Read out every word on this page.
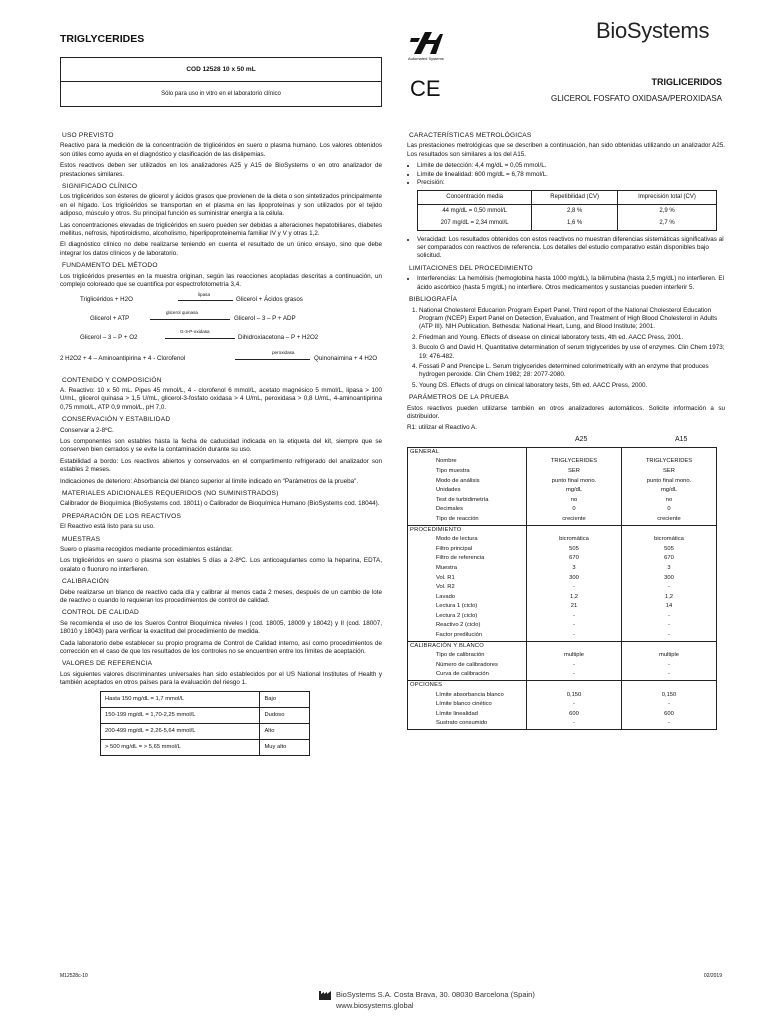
TRIGLYCERIDES
COD 12528 10 x 50 mL
Sólo para uso in vitro en el laboratorio clínico
Automated Systems
CE
BioSystems
TRIGLICERIDOS
GLICEROL FOSFATO OXIDASA/PEROXIDASA
USO PREVISTO

Reactivo para la medición de la concentración de triglicéridos en suero o plasma humano. Los valores obtenidos son útiles como ayuda en el diagnóstico y clasificación de las dislipemias.

Estos reactivos deben ser utilizados en los analizadores A25 y A15 de BioSystems o en otro analizador de prestaciones similares.

SIGNIFICADO CLÍNICO

Los triglicéridos son ésteres de glicerol y ácidos grasos que provienen de la dieta o son sintetizados principalmente en el hígado. Los triglicéridos se transportan en el plasma en las lipoproteínas y son utilizados por el tejido adiposo, músculo y otros. Su principal función es suministrar energía a la célula.

Las concentraciones elevadas de triglicéridos en suero pueden ser debidas a alteraciones hepatobiliares, diabetes mellitus, nefrosis, hipotiroidismo, alcoholismo, hiperlipoproteinemia familiar IV y V y otras 1,2.

El diagnóstico clínico no debe realizarse teniendo en cuenta el resultado de un único ensayo, sino que debe integrar los datos clínicos y de laboratorio.

FUNDAMENTO DEL MÉTODO

Los triglicéridos presentes en la muestra originan, según las reacciones acopladas descritas a continuación, un complejo coloreado que se cuantifica por espectrofotometría 3,4.

Triglicéridos + H2O
lipasa
Glicerol + Ácidos grasos
Glicerol + ATP
glicerol quinasa
Glicerol – 3 – P + ADP
Glicerol – 3 – P + O2
G-3-P-oxidasa
Dihidroxiacetona – P + H2O2
2 H2O2 + 4 – Aminoantipirina + 4 - Clorofenol
peroxidasa
Quinonaimina + 4 H2O
CONTENIDO Y COMPOSICIÓN

A. Reactivo: 10 x 50 mL. Pipes 45 mmol/L, 4 - clorofenol 6 mmol/L, acetato magnésico 5 mmol/L, lipasa > 100 U/mL, glicerol quinasa > 1,5 U/mL, glicerol-3-fosfato oxidasa > 4 U/mL, peroxidasa > 0,8 U/mL, 4-aminoantipirina 0,75 mmol/L, ATP 0,9 mmol/L, pH 7,0.

CONSERVACIÓN Y ESTABILIDAD

Conservar a 2-8ºC.

Los componentes son estables hasta la fecha de caducidad indicada en la etiqueta del kit, siempre que se conserven bien cerrados y se evite la contaminación durante su uso.

Estabilidad a bordo: Los reactivos abiertos y conservados en el compartimento refrigerado del analizador son estables 2 meses.

Indicaciones de deterioro: Absorbancia del blanco superior al límite indicado en "Parámetros de la prueba".

MATERIALES ADICIONALES REQUERIDOS (NO SUMINISTRADOS)

Calibrador de Bioquímica (BioSystems cod. 18011) o Calibrador de Bioquímica Humano (BioSystems cod. 18044).

PREPARACIÓN DE LOS REACTIVOS

El Reactivo está listo para su uso.

MUESTRAS

Suero o plasma recogidos mediante procedimientos estándar.

Los triglicéridos en suero o plasma son estables 5 días a 2-8ºC. Los anticoagulantes como la heparina, EDTA, oxalato o fluoruro no interfieren.

CALIBRACIÓN

Debe realizarse un blanco de reactivo cada día y calibrar al menos cada 2 meses, después de un cambio de lote de reactivo o cuando lo requieran los procedimientos de control de calidad.

CONTROL DE CALIDAD

Se recomienda el uso de los Sueros Control Bioquímica niveles I (cod. 18005, 18009 y 18042) y II (cod. 18007, 18010 y 18043) para verificar la exactitud del procedimiento de medida.

Cada laboratorio debe establecer su propio programa de Control de Calidad interno, así como procedimientos de corrección en el caso de que los resultados de los controles no se encuentren entre los límites de aceptación.

VALORES DE REFERENCIA

Los siguientes valores discriminantes universales han sido establecidos por el US National Institutes of Health y también aceptados en otros países para la evaluación del riesgo 1.

Hasta 150 mg/dL = 1,7 mmol/L	Bajo
150-199 mg/dL = 1,70-2,25 mmol/L	Dudoso
200-499 mg/dL = 2,26-5,64 mmol/L	Alto
> 500 mg/dL = > 5,65 mmol/L	Muy alto
CARACTERÍSTICAS METROLÓGICAS

Las prestaciones metrológicas que se describen a continuación, han sido obtenidas utilizando un analizador A25. Los resultados son similares a los del A15.

• Límite de detección: 4,4 mg/dL = 0,05 mmol/L.
• Límite de linealidad: 600 mg/dL = 6,78 mmol/L.
• Precisión:
Concentración media	Repetibilidad (CV)	Imprecisión total (CV)
44 mg/dL = 0,50 mmol/L	2,8 %	2,9 %
207 mg/dL = 2,34 mmol/L	1,6 %	2,7 %
• Veracidad: Los resultados obtenidos con estos reactivos no muestran diferencias sistemáticas significativas al ser comparados con reactivos de referencia. Los detalles del estudio comparativo están disponibles bajo solicitud.
LIMITACIONES DEL PROCEDIMIENTO
• Interferencias: La hemólisis (hemoglobina hasta 1000 mg/dL), la bilirrubina (hasta 2,5 mg/dL) no interfieren. El ácido ascórbico (hasta 5 mg/dL) no interfiere. Otros medicamentos y sustancias pueden interferir 5.
BIBLIOGRAFÍA
1. National Cholesterol Educarion Program Expert Panel. Third report of the National Cholesterol Education Program (NCEP) Expert Panel on Detection, Evaluation, and Treatment of High Blood Cholesterol in Adults (ATP III). NIH Publication. Bethesda: National Heart, Lung, and Blood Institute; 2001.
2. Friedman and Young. Effects of disease on clinical laboratory tests, 4th ed. AACC Press, 2001.
3. Bucolo G and David H. Quantitative determination of serum triglycerides by use of enzymes. Clin Chem 1973; 19: 476-482.
4. Fossati P and Prencipe L. Serum triglycerides determined colorimetrically with an enzyme that produces hydrogen peroxide. Clin Chem 1982; 28: 2077-2080.
5. Young DS. Effects of drugs on clinical laboratory tests, 5th ed. AACC Press, 2000.
PARÁMETROS DE LA PRUEBA

Estos reactivos pueden utilizarse también en otros analizadores automáticos. Solicite información a su distribuidor.

R1: utilizar el Reactivo A.

A25	A15
GENERAL		
Nombre	TRIGLYCERIDES	TRIGLYCERIDES
Tipo muestra	SER	SER
Modo de análisis	punto final mono.	punto final mono.
Unidades	mg/dL	mg/dL
Test de turbidimetría	no	no
Decimales	0	0
Tipo de reacción	creciente	creciente
PROCEDIMIENTO		
Modo de lectura	bicromática	bicromática
Filtro principal	505	505
Filtro de referencia	670	670
Muestra	3	3
Vol. R1	300	300
Vol. R2	-	-
Lavado	1,2	1,2
Lectura 1 (ciclo)	21	14
Lectura 2 (ciclo)	-	-
Reactivo 2 (ciclo)	-	-
Factor predilución	-	-
CALIBRACIÓN Y BLANCO		
Tipo de calibración	multiple	multiple
Número de calibradores	-	-
Curva de calibración	-	-
OPCIONES		
Límite absorbancia blanco	0,150	0,150
Límite blanco cinético	-	-
Límite linealidad	600	600
Sustrato consumido	-	-
M12528c-10	02/2019
BioSystems S.A. Costa Brava, 30. 08030 Barcelona (Spain)
www.biosystems.global
